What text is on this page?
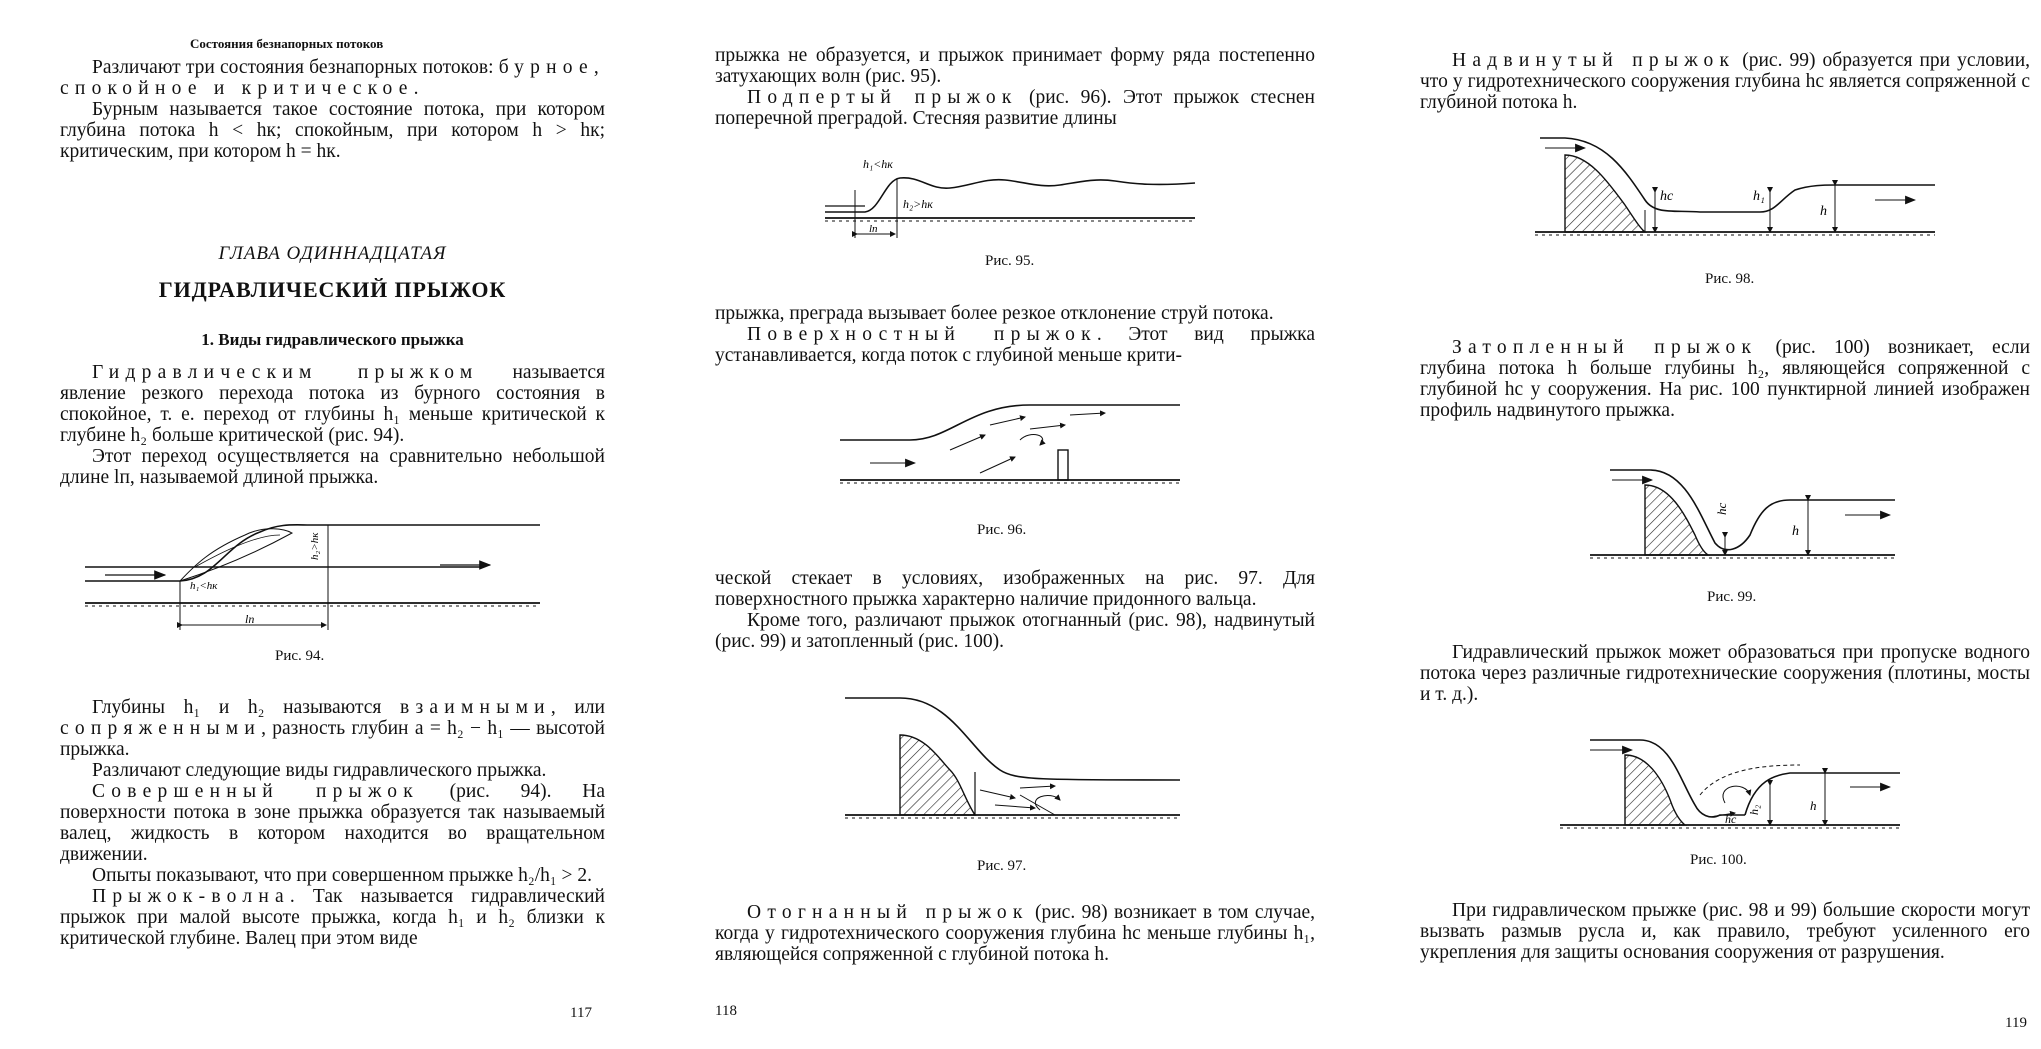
Состояния безнапорных потоков

Различают три состояния безнапорных потоков: бурное, спокойное и критическое.

Бурным называется такое состояние потока, при котором глубина потока h < hк; спокойным, при котором h > hк; критическим, при котором h = hк.

ГЛАВА ОДИННАДЦАТАЯ
ГИДРАВЛИЧЕСКИЙ ПРЫЖОК
1. Виды гидравлического прыжка

Гидравлическим прыжком называется явление резкого перехода потока из бурного состояния в спокойное, т. е. переход от глубины h₁ меньше критической к глубине h₂ больше критической (рис. 94).

Этот переход осуществляется на сравнительно небольшой длине lп, называемой длиной прыжка.

h₁<hк
h₂>hк
lп
Рис. 94.

Глубины h₁ и h₂ называются взаимными, или сопряженными, разность глубин a = h₂ − h₁ — высотой прыжка.

Различают следующие виды гидравлического прыжка.

Совершенный прыжок (рис. 94). На поверхности потока в зоне прыжка образуется так называемый валец, жидкость в котором находится во вращательном движении.

Опыты показывают, что при совершенном прыжке h₂/h₁ > 2.

Прыжок-волна. Так называется гидравлический прыжок при малой высоте прыжка, когда h₁ и h₂ близки к критической глубине. Валец при этом виде

117

прыжка не образуется, и прыжок принимает форму ряда постепенно затухающих волн (рис. 95).

Подпертый прыжок (рис. 96). Этот прыжок стеснен поперечной преградой. Стесняя развитие длины

h₁<hк
h₂>hк
lп
Рис. 95.

прыжка, преграда вызывает более резкое отклонение струй потока.

Поверхностный прыжок. Этот вид прыжка устанавливается, когда поток с глубиной меньше крити-

Рис. 96.

ческой стекает в условиях, изображенных на рис. 97. Для поверхностного прыжка характерно наличие придонного вальца.

Кроме того, различают прыжок отогнанный (рис. 98), надвинутый (рис. 99) и затопленный (рис. 100).

Рис. 97.

Отогнанный прыжок (рис. 98) возникает в том случае, когда у гидротехнического сооружения глубина hc меньше глубины h₁, являющейся сопряженной с глубиной потока h.

118

Надвинутый прыжок (рис. 99) образуется при условии, что у гидротехнического сооружения глубина hc является сопряженной с глубиной потока h.

hc	h₁
h
Рис. 98.

Затопленный прыжок (рис. 100) возникает, если глубина потока h больше глубины h₂, являющейся сопряженной с глубиной hc у сооружения. На рис. 100 пунктирной линией изображен профиль надвинутого прыжка.

hc
h
Рис. 99.

Гидравлический прыжок может образоваться при пропуске водного потока через различные гидротехнические сооружения (плотины, мосты и т. д.).

hc
h₂	h
Рис. 100.

При гидравлическом прыжке (рис. 98 и 99) большие скорости могут вызвать размыв русла и, как правило, требуют усиленного его укрепления для защиты основания сооружения от разрушения.

119
